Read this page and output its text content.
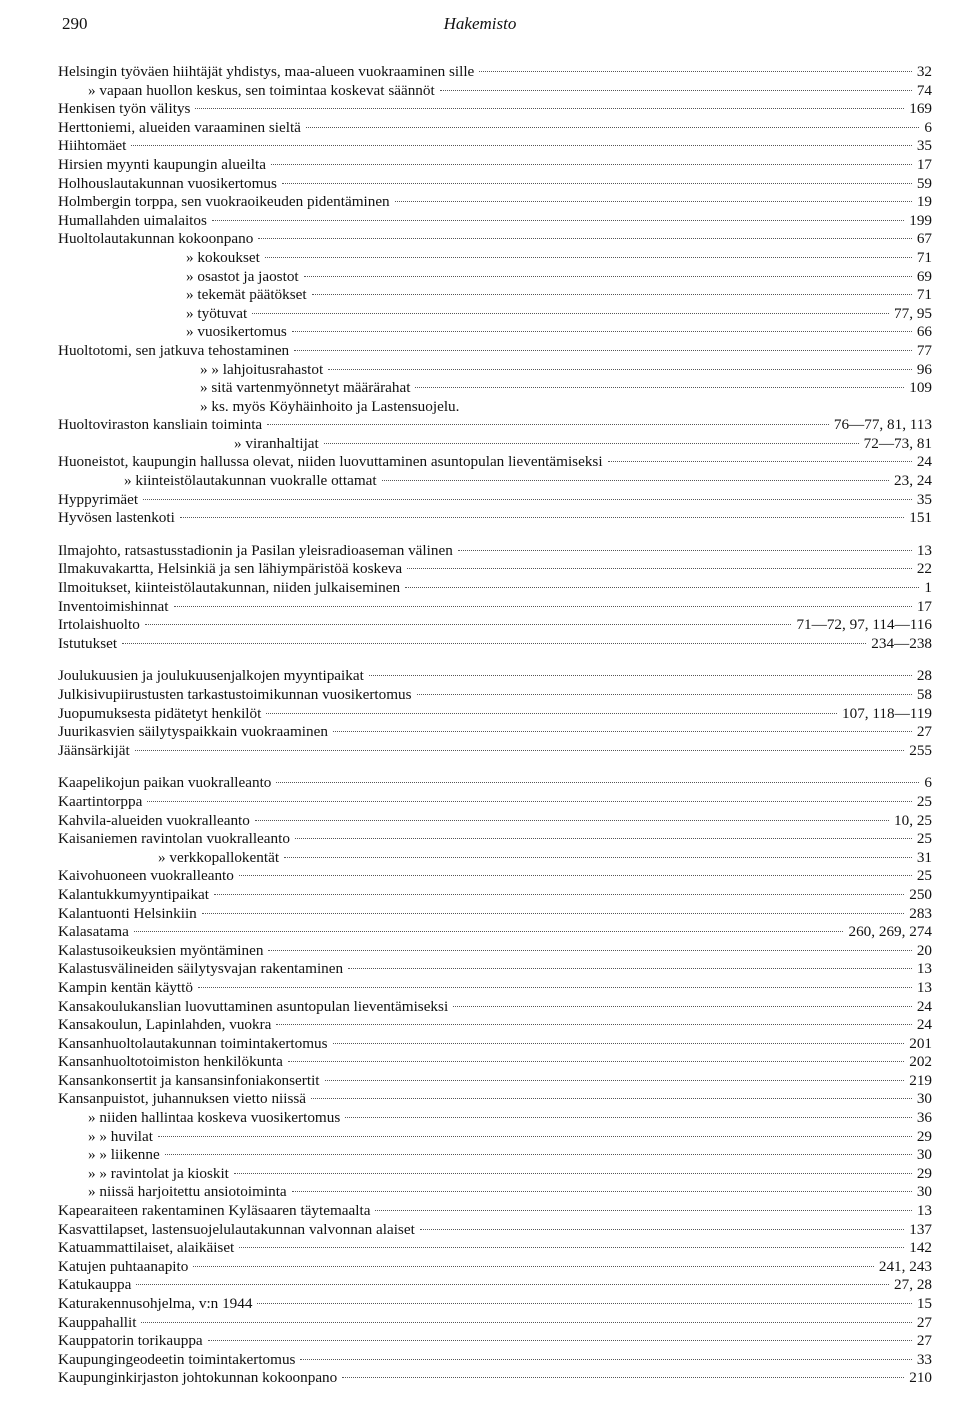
290	Hakemisto
Helsingin työväen hiihtäjät yhdistys, maa-alueen vuokraaminen sille	32
» vapaan huollon keskus, sen toimintaa koskevat säännöt	74
Henkisen työn välitys	169
Herttoniemi, alueiden varaaminen sieltä	6
Hiihtomäet	35
Hirsien myynti kaupungin alueilta	17
Holhouslautakunnan vuosikertomus	59
Holmbergin torppa, sen vuokraoikeuden pidentäminen	19
Humallahden uimalaitos	199
Huoltolautakunnan kokoonpano	67
» kokoukset	71
» osastot ja jaostot	69
» tekemät päätökset	71
» työtuvat	77, 95
» vuosikertomus	66
Huoltotomi, sen jatkuva tehostaminen	77
» » lahjoitusrahastot	96
» sitä vartenmyönnetyt määrärahat	109
» ks. myös Köyhäinhoito ja Lastensuojelu.
Huoltoviraston kansliain toiminta	76—77, 81, 113
» viranhaltijat	72—73, 81
Huoneistot, kaupungin hallussa olevat, niiden luovuttaminen asuntopulan lieventämiseksi	24
» kiinteistölautakunnan vuokralle ottamat	23, 24
Hyppyrimäet	35
Hyvösen lastenkoti	151
Ilmajohto, ratsastusstadionin ja Pasilan yleisradioaseman välinen	13
Ilmakuvakartta, Helsinkiä ja sen lähiympäristöä koskeva	22
Ilmoitukset, kiinteistölautakunnan, niiden julkaiseminen	1
Inventoimishinnat	17
Irtolaishuolto	71—72, 97, 114—116
Istutukset	234—238
Joulukuusien ja joulukuusenjalkojen myyntipaikat	28
Julkisivupiirustusten tarkastustoimikunnan vuosikertomus	58
Juopumuksesta pidätetyt henkilöt	107, 118—119
Juurikasvien säilytyspaikkain vuokraaminen	27
Jäänsärkijät	255
Kaapelikojun paikan vuokralleanto	6
Kaartintorppa	25
Kahvila-alueiden vuokralleanto	10, 25
Kaisaniemen ravintolan vuokralleanto	25
» verkkopallokentät	31
Kaivohuoneen vuokralleanto	25
Kalantukkumyyntipaikat	250
Kalantuonti Helsinkiin	283
Kalasatama	260, 269, 274
Kalastusoikeuksien myöntäminen	20
Kalastusvälineiden säilytysvajan rakentaminen	13
Kampin kentän käyttö	13
Kansakoulukanslian luovuttaminen asuntopulan lieventämiseksi	24
Kansakoulun, Lapinlahden, vuokra	24
Kansanhuoltolautakunnan toimintakertomus	201
Kansanhuoltotoimiston henkilökunta	202
Kansankonsertit ja kansansinfoniakonsertit	219
Kansanpuistot, juhannuksen vietto niissä	30
» niiden hallintaa koskeva vuosikertomus	36
» » huvilat	29
» » liikenne	30
» » ravintolat ja kioskit	29
» niissä harjoitettu ansiotoiminta	30
Kapearaiteen rakentaminen Kyläsaaren täytemaalta	13
Kasvattilapset, lastensuojelulautakunnan valvonnan alaiset	137
Katuammattilaiset, alaikäiset	142
Katujen puhtaanapito	241, 243
Katukauppa	27, 28
Katurakennusohjelma, v:n 1944	15
Kauppahallit	27
Kauppatorin torikauppa	27
Kaupungingeodeetin toimintakertomus	33
Kaupunginkirjaston johtokunnan kokoonpano	210
